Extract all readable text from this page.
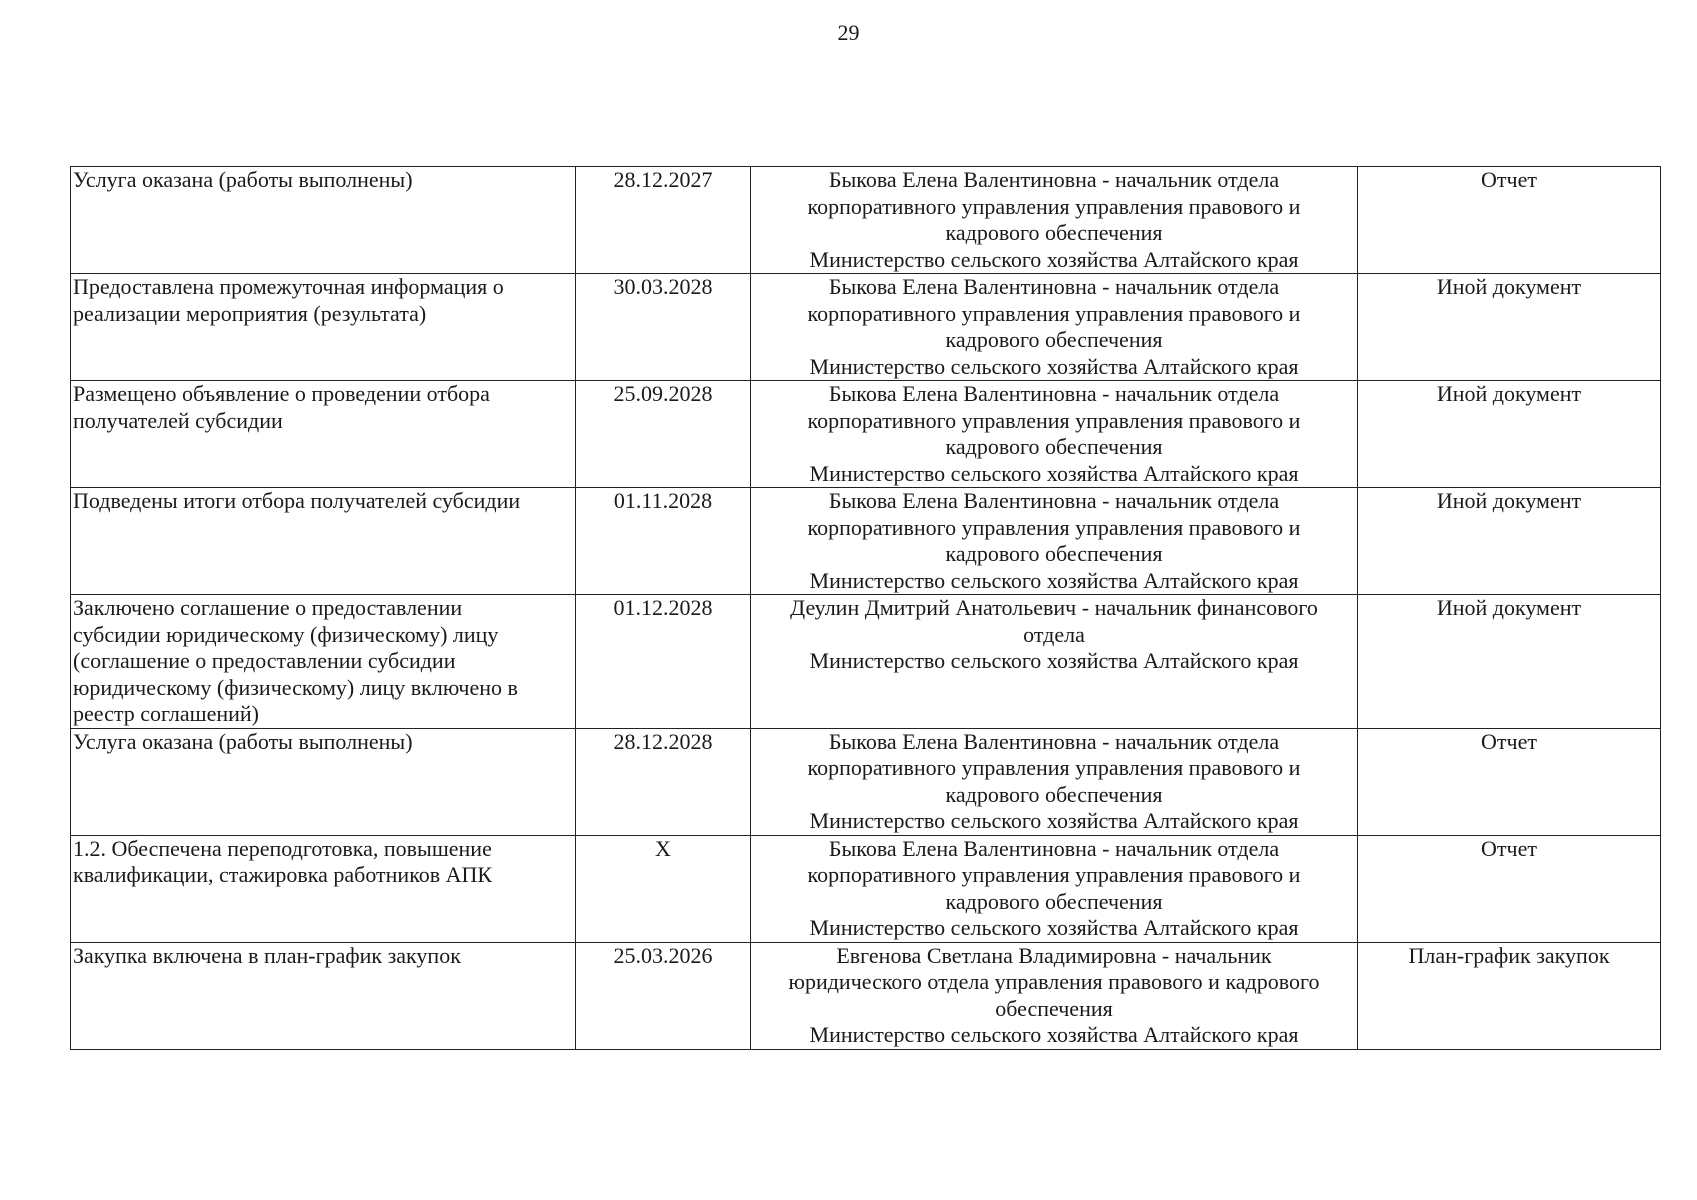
29
Услуга оказана (работы выполнены)	28.12.2027	Быкова Елена Валентиновна - начальник отдела
корпоративного управления управления правового и
кадрового обеспечения
Министерство сельского хозяйства Алтайского края	Отчет

Предоставлена промежуточная информация о
реализации мероприятия (результата)	30.03.2028	Быкова Елена Валентиновна - начальник отдела
корпоративного управления управления правового и
кадрового обеспечения
Министерство сельского хозяйства Алтайского края	Иной документ

Размещено объявление о проведении отбора
получателей субсидии	25.09.2028	Быкова Елена Валентиновна - начальник отдела
корпоративного управления управления правового и
кадрового обеспечения
Министерство сельского хозяйства Алтайского края	Иной документ

Подведены итоги отбора получателей субсидии	01.11.2028	Быкова Елена Валентиновна - начальник отдела
корпоративного управления управления правового и
кадрового обеспечения
Министерство сельского хозяйства Алтайского края	Иной документ

Заключено соглашение о предоставлении
субсидии юридическому (физическому) лицу
(соглашение о предоставлении субсидии
юридическому (физическому) лицу включено в
реестр соглашений)	01.12.2028	Деулин Дмитрий Анатольевич - начальник финансового
отдела
Министерство сельского хозяйства Алтайского края	Иной документ

Услуга оказана (работы выполнены)	28.12.2028	Быкова Елена Валентиновна - начальник отдела
корпоративного управления управления правового и
кадрового обеспечения
Министерство сельского хозяйства Алтайского края	Отчет

1.2. Обеспечена переподготовка, повышение
квалификации, стажировка работников АПК	X	Быкова Елена Валентиновна - начальник отдела
корпоративного управления управления правового и
кадрового обеспечения
Министерство сельского хозяйства Алтайского края	Отчет

Закупка включена в план-график закупок	25.03.2026	Евгенова Светлана Владимировна - начальник
юридического отдела управления правового и кадрового
обеспечения
Министерство сельского хозяйства Алтайского края	План-график закупок
